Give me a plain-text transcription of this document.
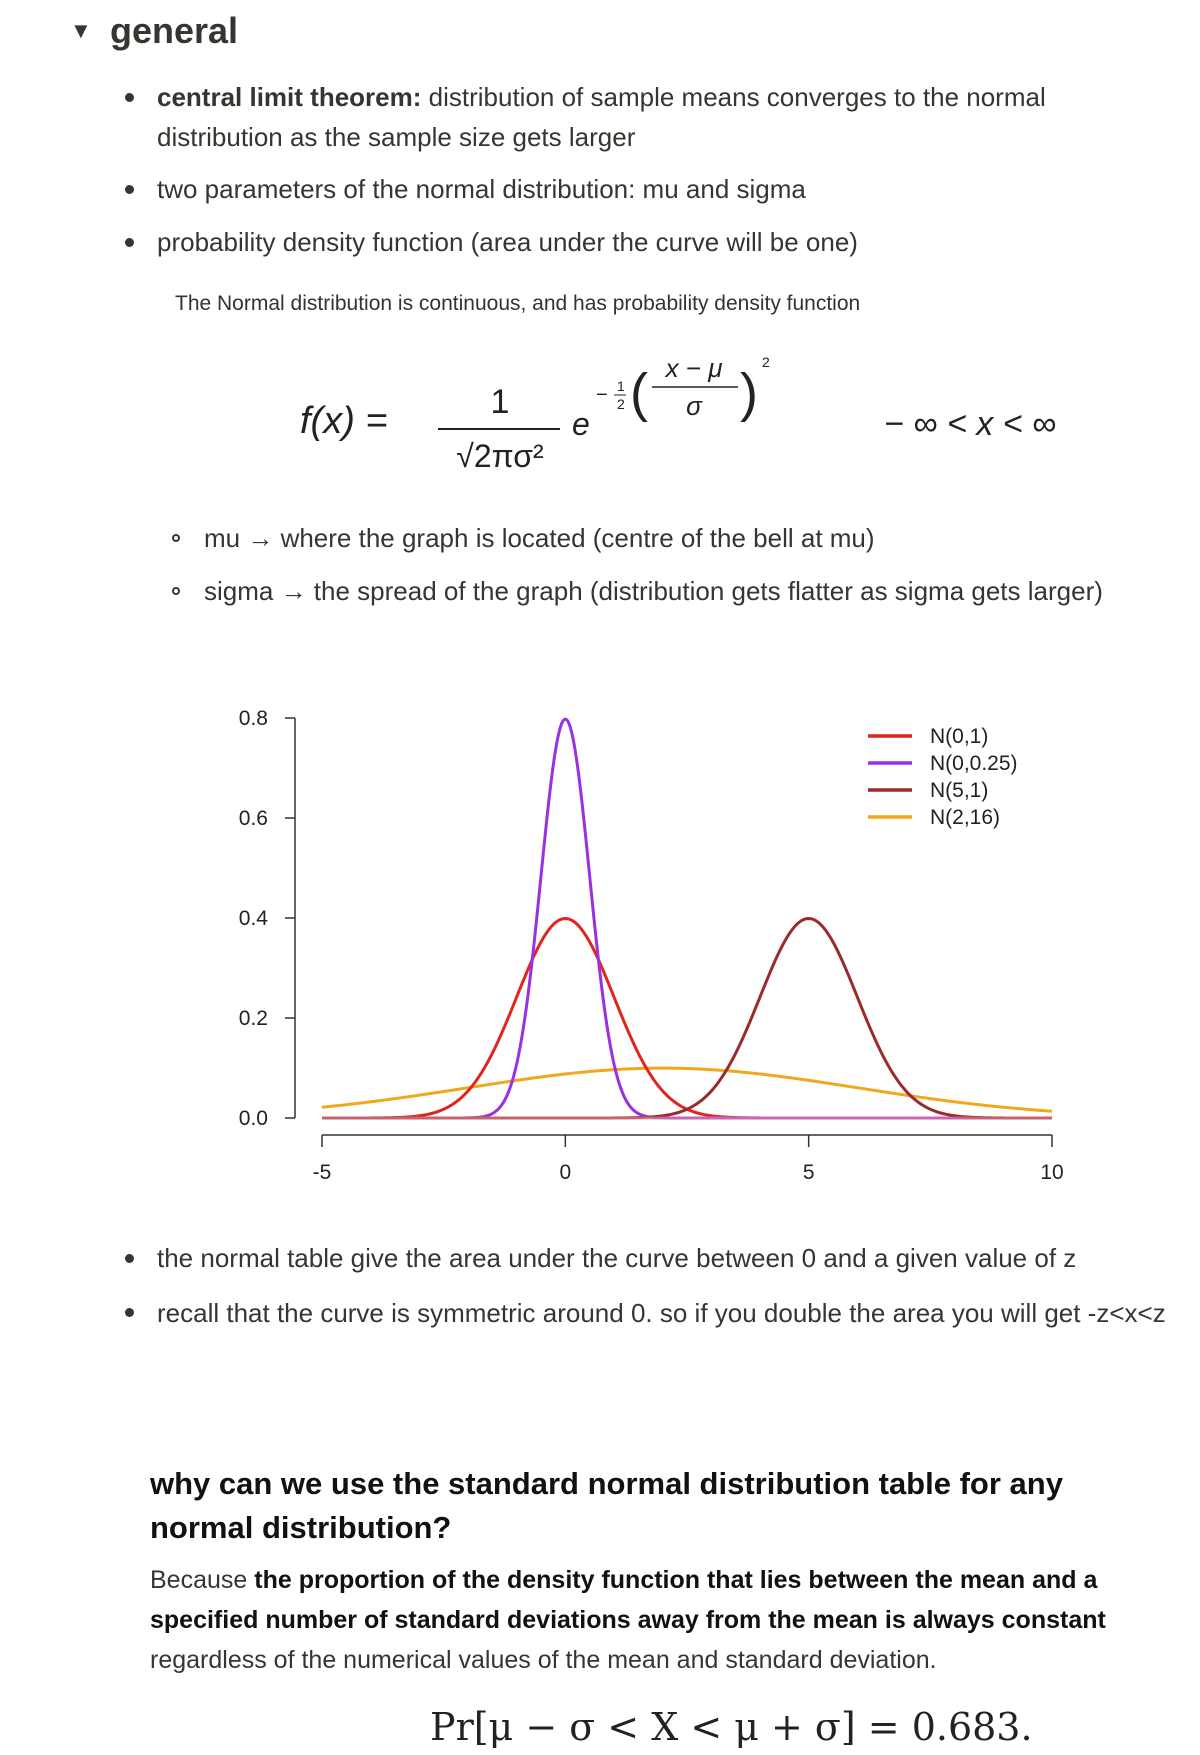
▼ general
central limit theorem: distribution of sample means converges to the normal distribution as the sample size gets larger
two parameters of the normal distribution: mu and sigma
probability density function (area under the curve will be one)
The Normal distribution is continuous, and has probability density function
f(x) =	1
√2πσ²
e
− 1
2 ( x − μ
σ )
2
− ∞ < x < ∞
mu → where the graph is located (centre of the bell at mu)
sigma → the spread of the graph (distribution gets flatter as sigma gets larger)
0.0
0.2
0.4
0.6
0.8
-5	0	5	10
N(0,1)
N(0,0.25)
N(5,1)
N(2,16)
the normal table give the area under the curve between 0 and a given value of z
recall that the curve is symmetric around 0. so if you double the area you will get -z<x<z
why can we use the standard normal distribution table for any normal distribution?
Because the proportion of the density function that lies between the mean and a specified number of standard deviations away from the mean is always constant regardless of the numerical values of the mean and standard deviation.
Pr[μ − σ < X < μ + σ] = 0.683.
